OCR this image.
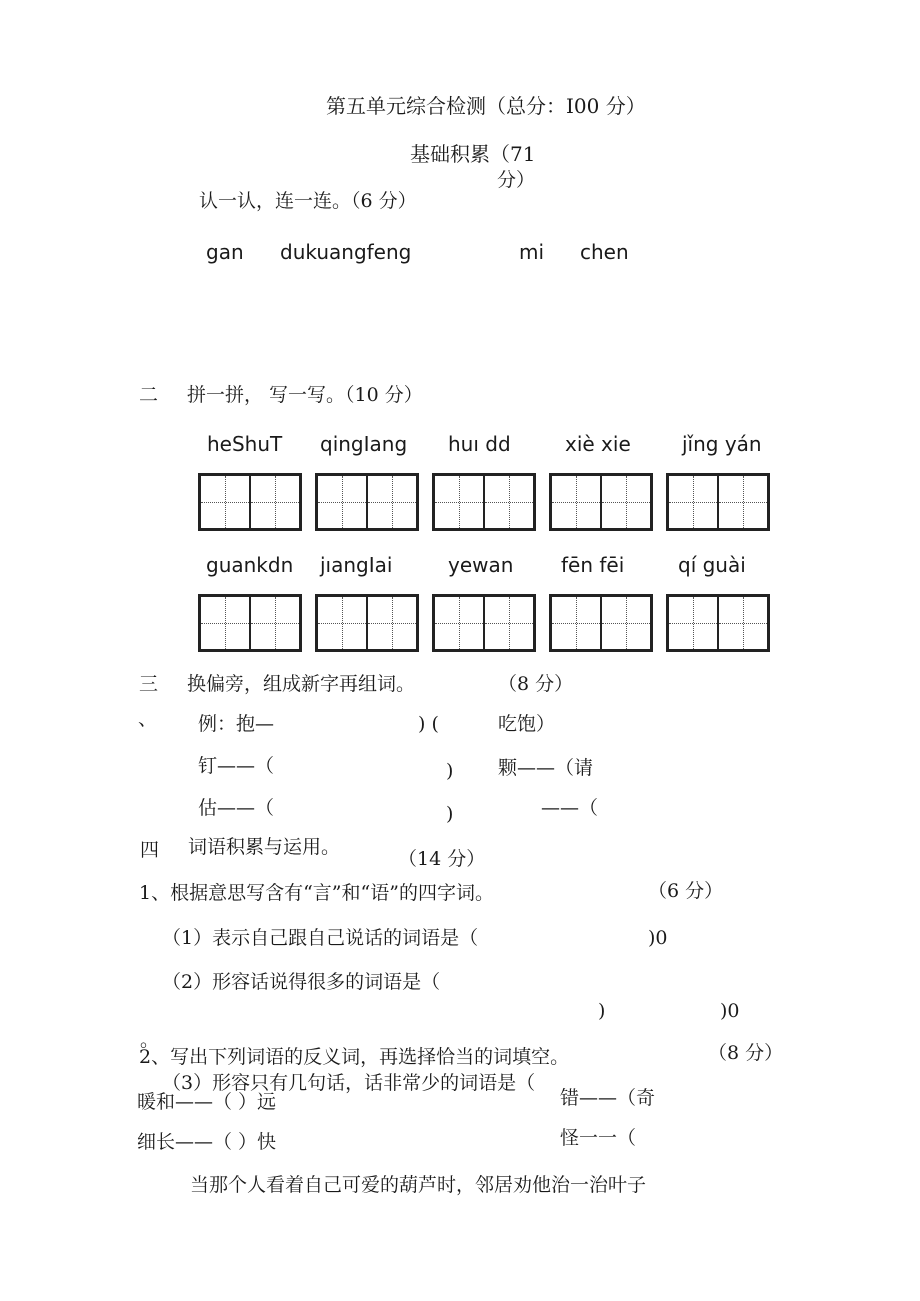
第五单元综合检测（总分：I00 分）
基础积累（71
分）
认一认，连一连。（6 分）
gan dukuangfeng	mi chen
二 拼一拼， 写一写。（10 分）
heShuT qingIang huı dd	xiè xie	jǐng yán
guankdn jıangIai	yewan fēn fēi	qí guài
三 换偏旁，组成新字再组词。	（8 分）
、 例：抱—	) (	吃饱）
钉——（	) 颗——（请
估——（	)	——（
四 词语积累与运用。
（14 分）
1、根据意思写含有“言”和“语”的四字词。	（6 分）
（1）表示自己跟自己说话的词语是（	)0
（2）形容话说得很多的词语是（
)	)0
。
2、写出下列词语的反义词，再选择恰当的词填空。	（8 分）
（3）形容只有几句话，话非常少的词语是（
暖和——（ ）远	错——（奇
细长——（ ）快	怪一一（
当那个人看着自己可爱的葫芦时，邻居劝他治一治叶子
